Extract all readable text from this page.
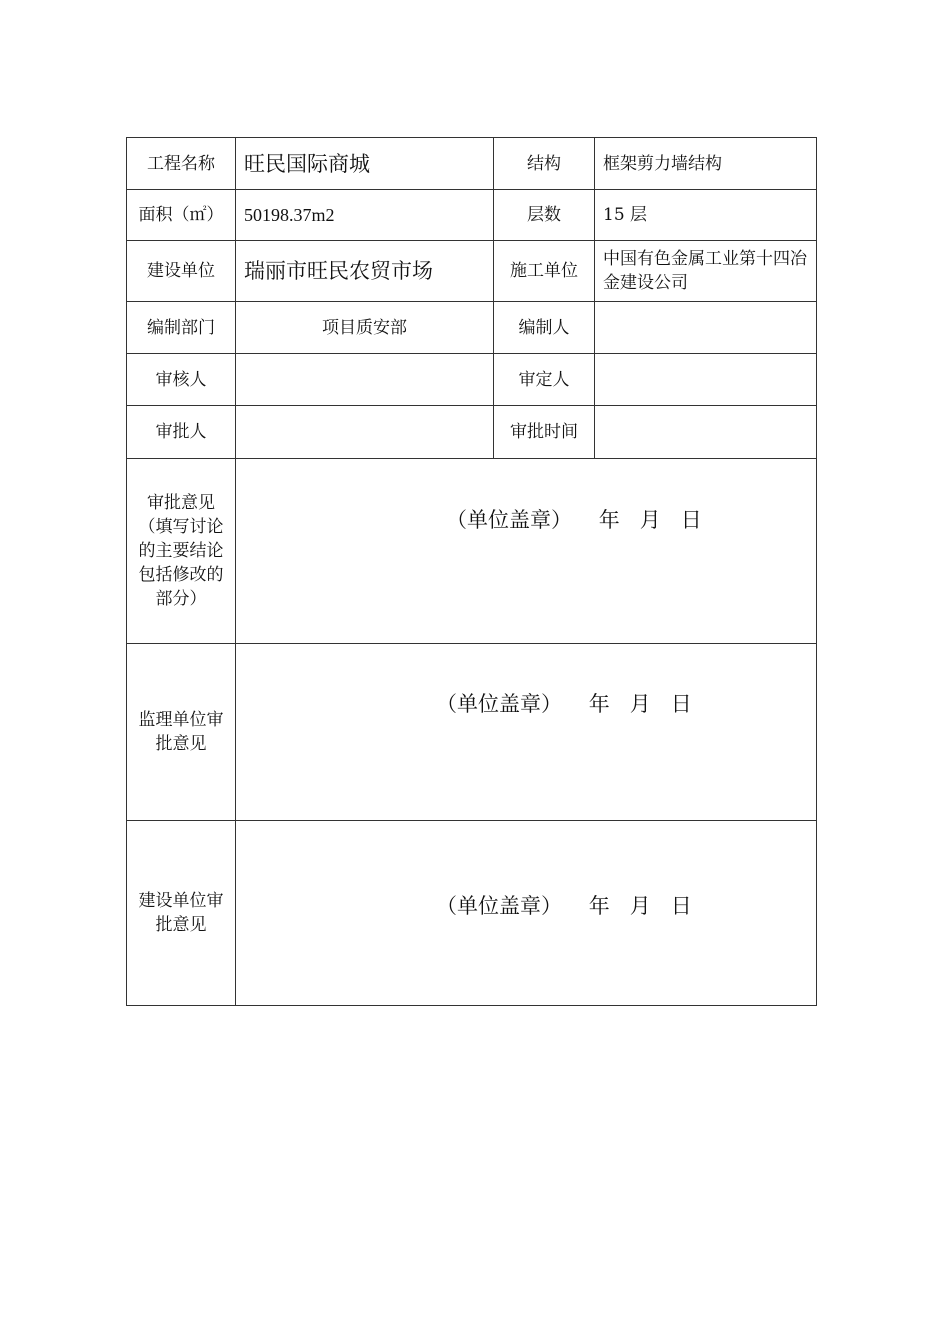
工程名称	旺民国际商城	结构	框架剪力墙结构
面积（㎡）	50198.37m2	层数	15 层
建设单位	瑞丽市旺民农贸市场	施工单位	中国有色金属工业第十四冶金建设公司
编制部门	项目质安部	编制人	
审核人		审定人	
审批人		审批时间	
审批意见（填写讨论的主要结论包括修改的部分）	（单位盖章）    年   月   日		

监理单位审批意见	（单位盖章）    年   月   日		

建设单位审批意见	（单位盖章）    年   月   日		
